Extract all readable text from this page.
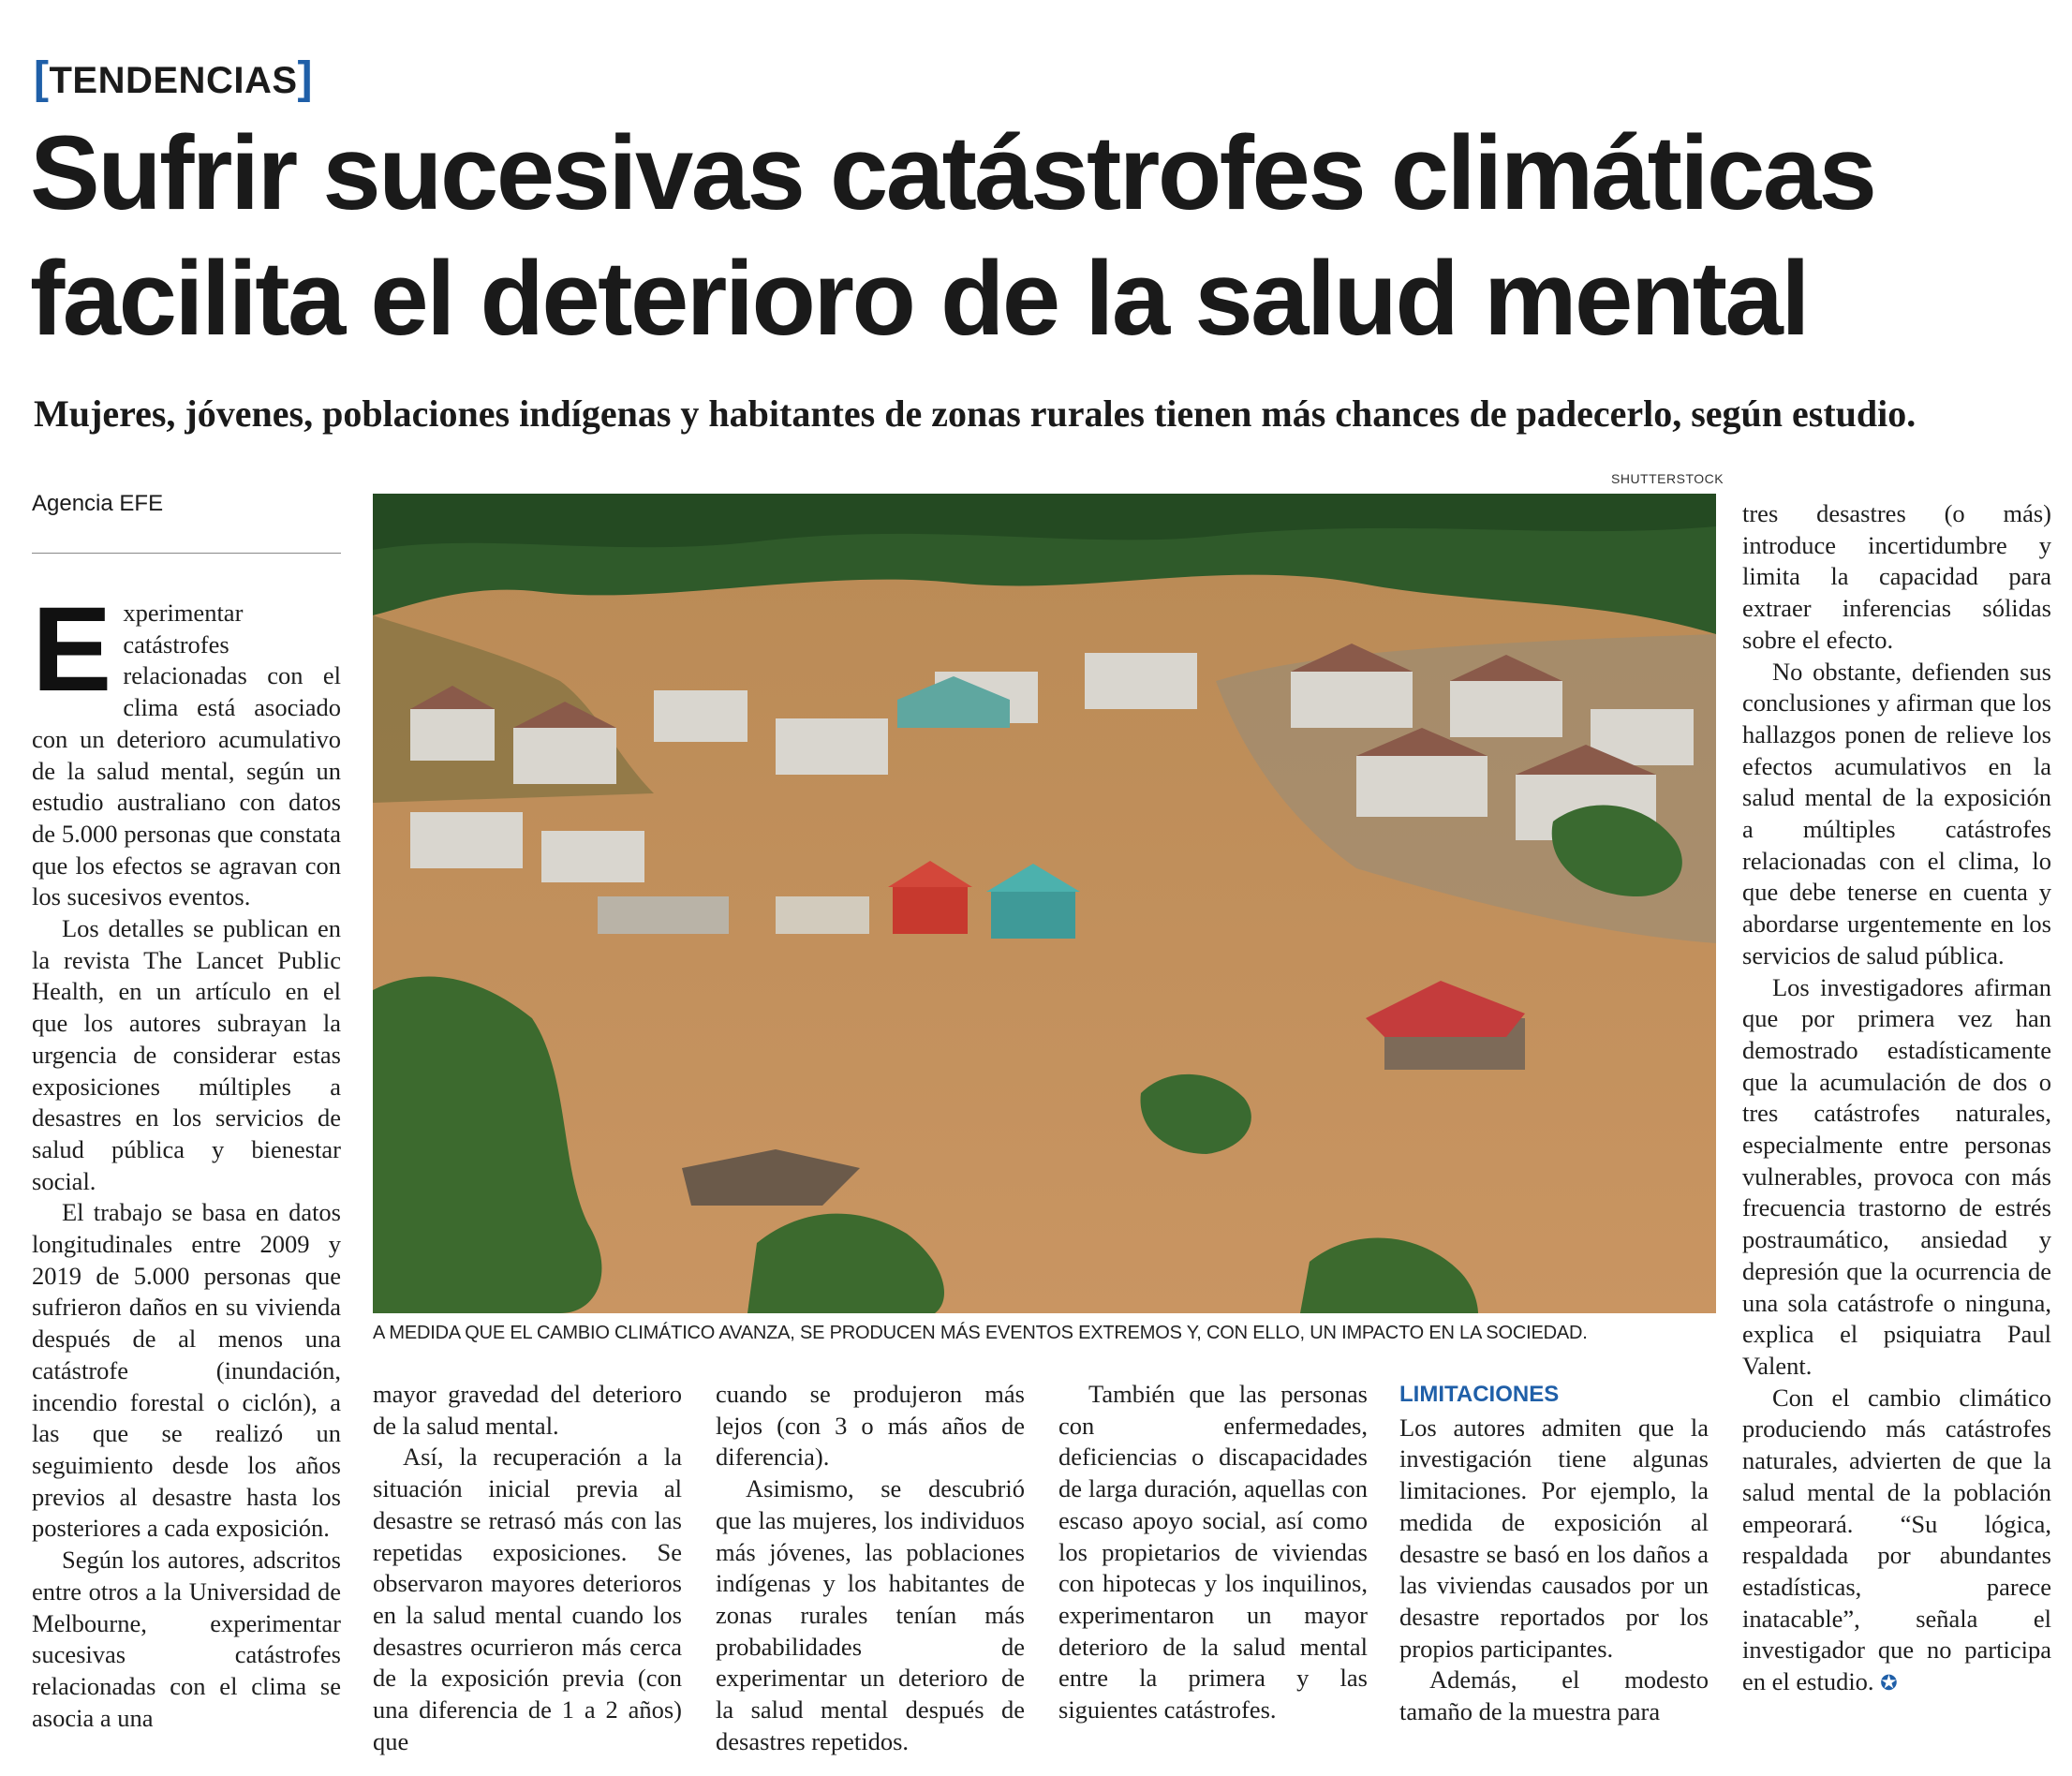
[TENDENCIAS]
Sufrir sucesivas catástrofes climáticas
facilita el deterioro de la salud mental
Mujeres, jóvenes, poblaciones indígenas y habitantes de zonas rurales tienen más chances de padecerlo, según estudio.
Agencia EFE
SHUTTERSTOCK
A MEDIDA QUE EL CAMBIO CLIMÁTICO AVANZA, SE PRODUCEN MÁS EVENTOS EXTREMOS Y, CON ELLO, UN IMPACTO EN LA SOCIEDAD.

Experimentar catástrofes relacionadas con el clima está asociado con un deterioro acumulativo de la salud mental, según un estudio australiano con datos de 5.000 personas que constata que los efectos se agravan con los sucesivos eventos.

Los detalles se publican en la revista The Lancet Public Health, en un artículo en el que los autores subrayan la urgencia de considerar estas exposiciones múltiples a desastres en los servicios de salud pública y bienestar social.

El trabajo se basa en datos longitudinales entre 2009 y 2019 de 5.000 personas que sufrieron daños en su vivienda después de al menos una catástrofe (inundación, incendio forestal o ciclón), a las que se realizó un seguimiento desde los años previos al desastre hasta los posteriores a cada exposición.

Según los autores, adscritos entre otros a la Universidad de Melbourne, experimentar sucesivas catástrofes relacionadas con el clima se asocia a una

mayor gravedad del deterioro de la salud mental.

Así, la recuperación a la situación inicial previa al desastre se retrasó más con las repetidas exposiciones. Se observaron mayores deterioros en la salud mental cuando los desastres ocurrieron más cerca de la exposición previa (con una diferencia de 1 a 2 años) que

cuando se produjeron más lejos (con 3 o más años de diferencia).

Asimismo, se descubrió que las mujeres, los individuos más jóvenes, las poblaciones indígenas y los habitantes de zonas rurales tenían más probabilidades de experimentar un deterioro de la salud mental después de desastres repetidos.

También que las personas con enfermedades, deficiencias o discapacidades de larga duración, aquellas con escaso apoyo social, así como los propietarios de viviendas con hipotecas y los inquilinos, experimentaron un mayor deterioro de la salud mental entre la primera y las siguientes catástrofes.

LIMITACIONES

Los autores admiten que la investigación tiene algunas limitaciones. Por ejemplo, la medida de exposición al desastre se basó en los daños a las viviendas causados por un desastre reportados por los propios participantes.

Además, el modesto tamaño de la muestra para

tres desastres (o más) introduce incertidumbre y limita la capacidad para extraer inferencias sólidas sobre el efecto.

No obstante, defienden sus conclusiones y afirman que los hallazgos ponen de relieve los efectos acumulativos en la salud mental de la exposición a múltiples catástrofes relacionadas con el clima, lo que debe tenerse en cuenta y abordarse urgentemente en los servicios de salud pública.

Los investigadores afirman que por primera vez han demostrado estadísticamente que la acumulación de dos o tres catástrofes naturales, especialmente entre personas vulnerables, provoca con más frecuencia trastorno de estrés postraumático, ansiedad y depresión que la ocurrencia de una sola catástrofe o ninguna, explica el psiquiatra Paul Valent.

Con el cambio climático produciendo más catástrofes naturales, advierten de que la salud mental de la población empeorará. “Su lógica, respaldada por abundantes estadísticas, parece inatacable”, señala el investigador que no participa en el estudio. ✪
